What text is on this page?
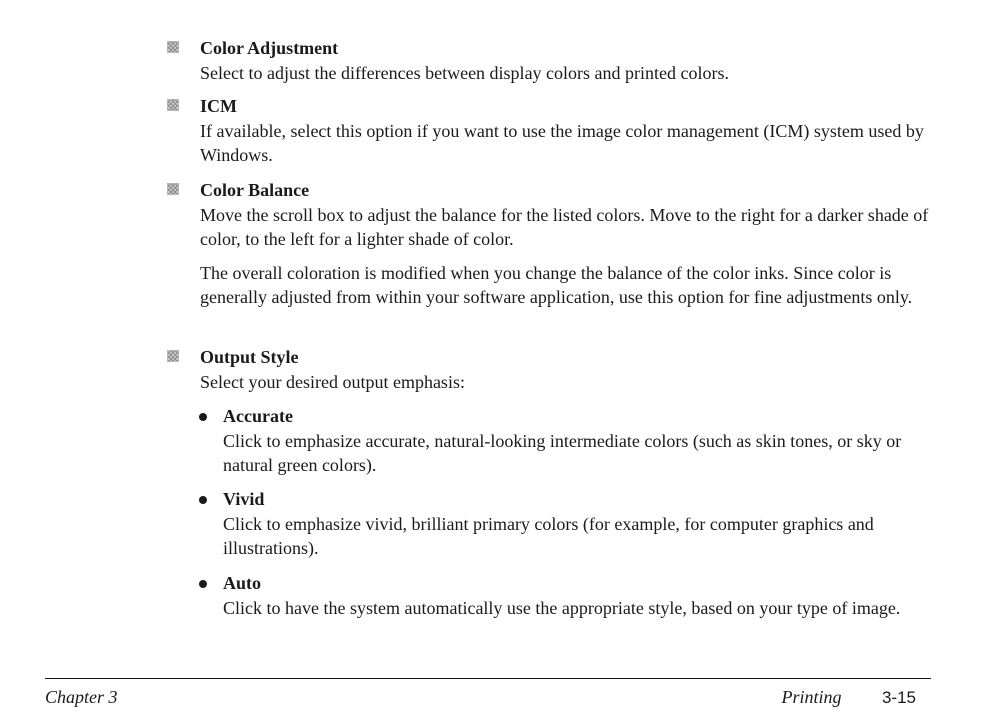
Color Adjustment

Select to adjust the differences between display colors and printed colors.

ICM

If available, select this option if you want to use the image color management (ICM) system used by Windows.

Color Balance

Move the scroll box to adjust the balance for the listed colors. Move to the right for a darker shade of color, to the left for a lighter shade of color.

The overall coloration is modified when you change the balance of the color inks. Since color is generally adjusted from within your software application, use this option for fine adjustments only.
Output Style

Select your desired output emphasis:

Accurate
Click to emphasize accurate, natural-looking intermediate colors (such as skin tones, or sky or natural green colors).
Vivid
Click to emphasize vivid, brilliant primary colors (for example, for computer graphics and illustrations).
Auto
Click to have the system automatically use the appropriate style, based on your type of image.
Chapter 3	Printing 3-15
